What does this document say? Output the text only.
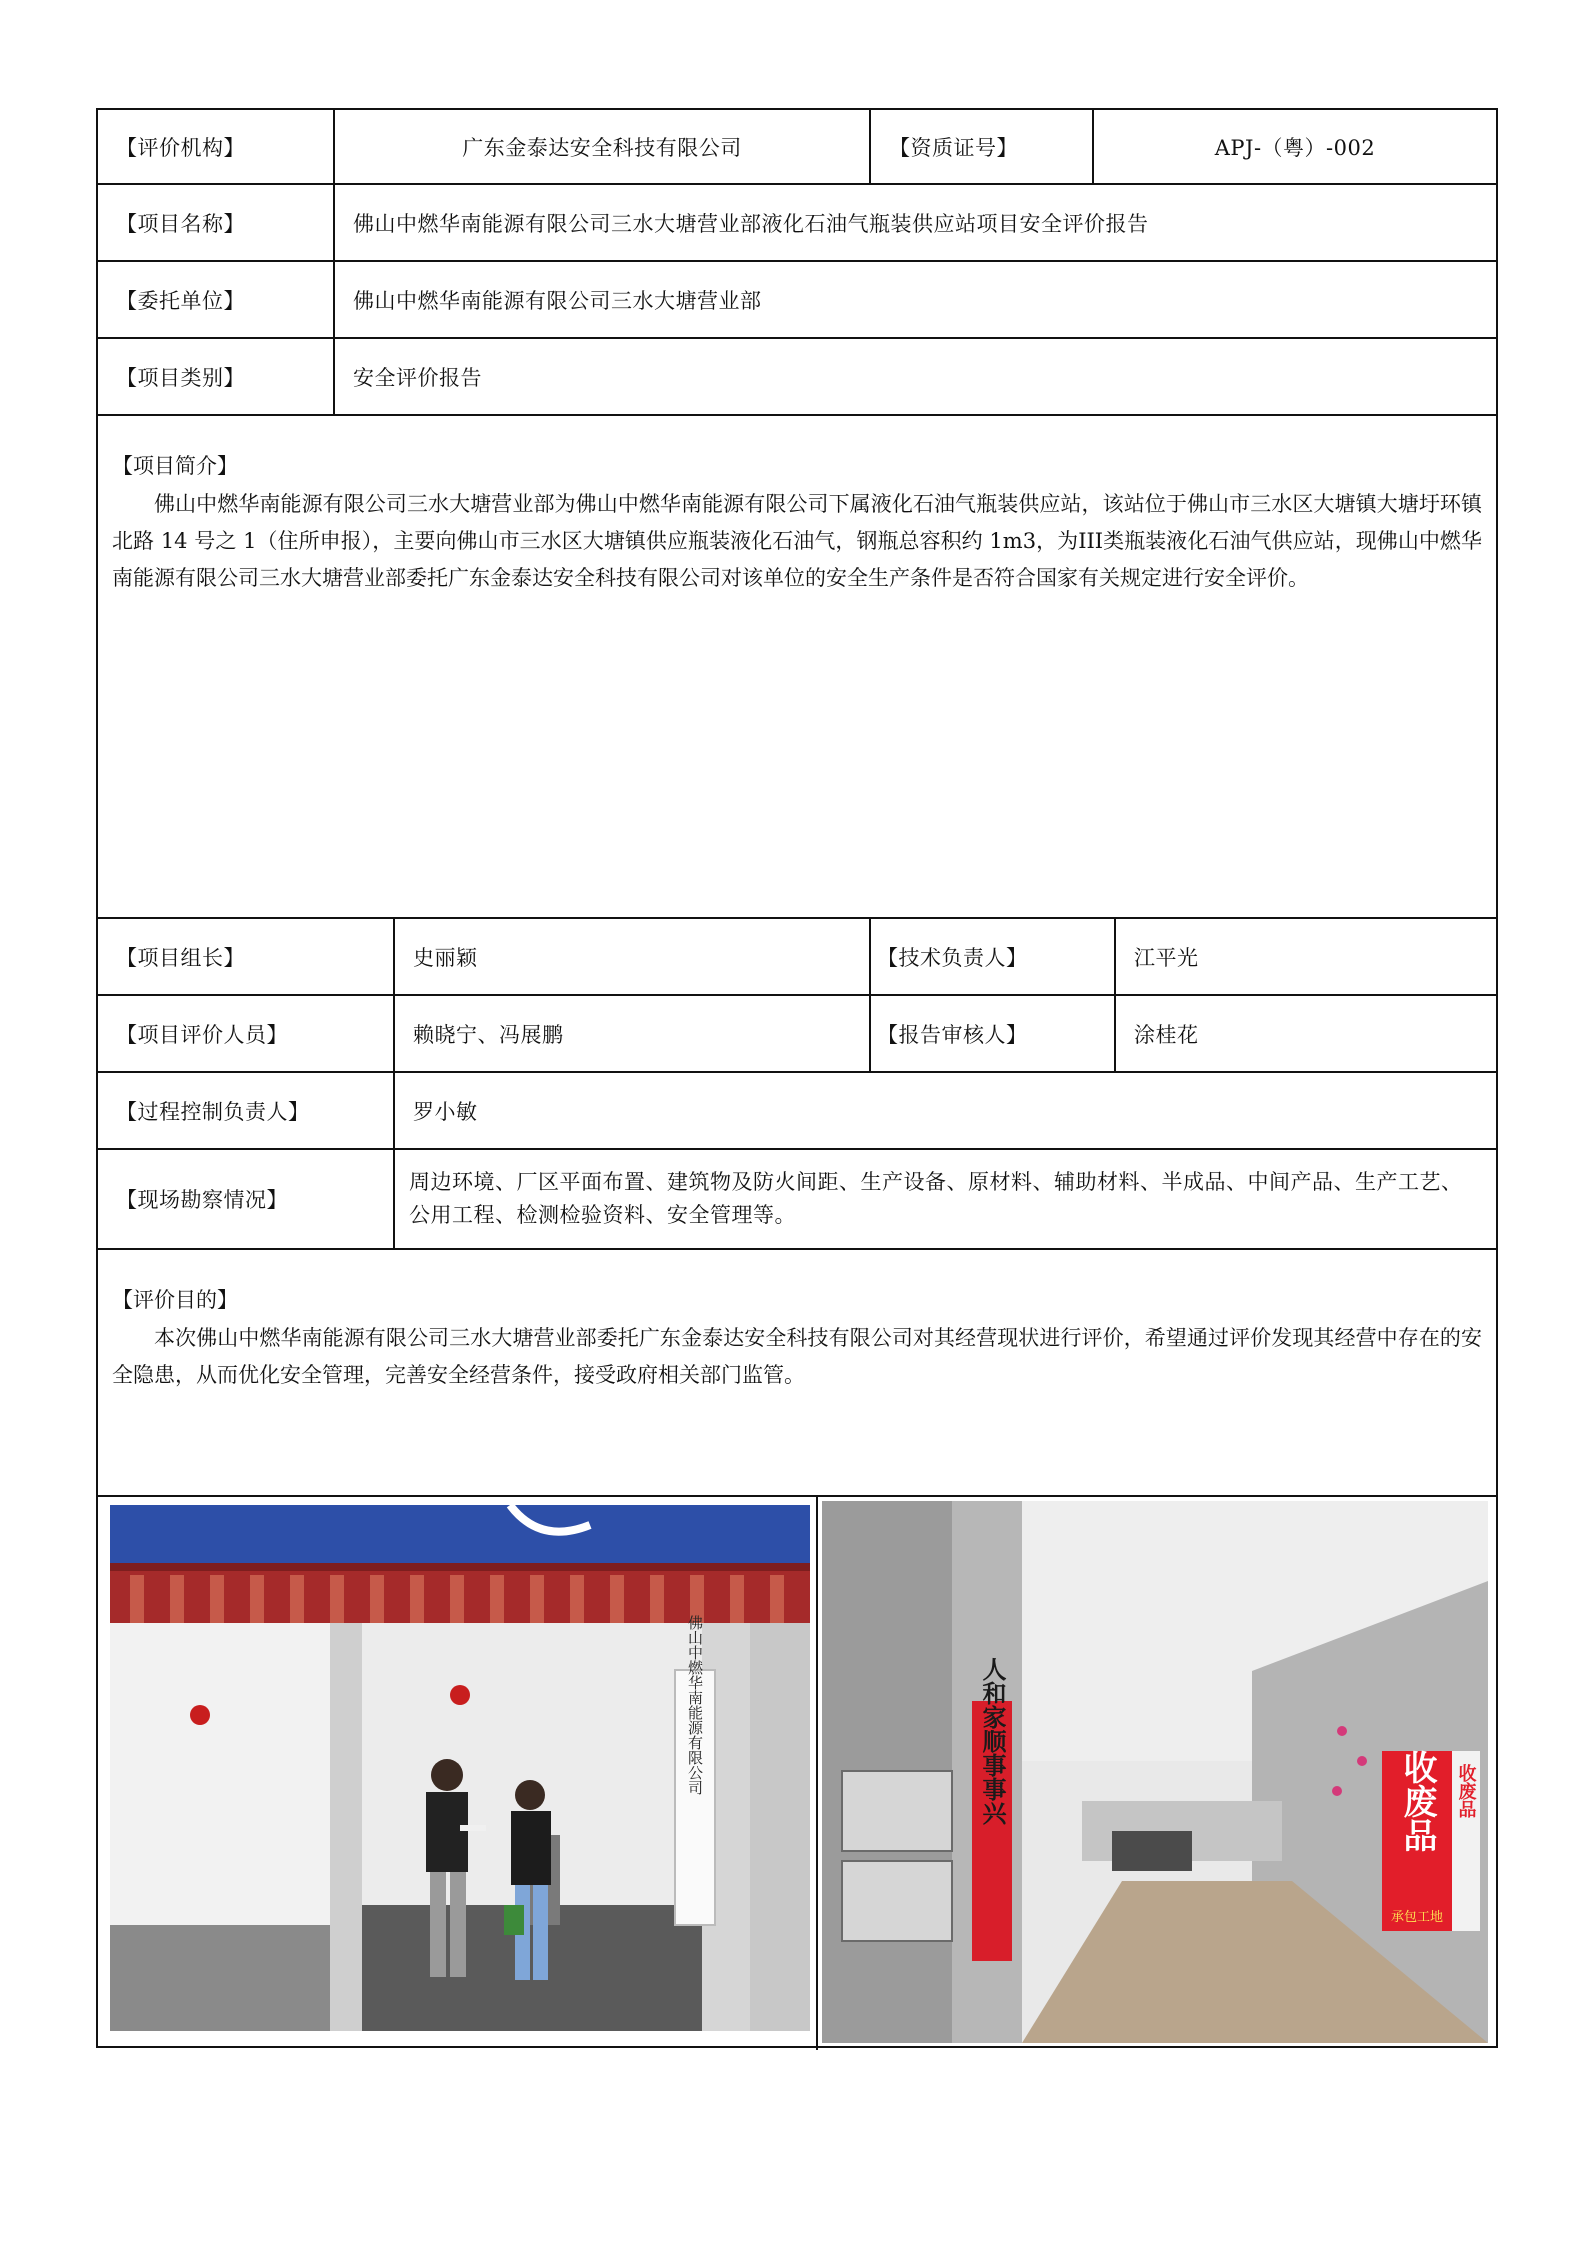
【评价机构】	广东金泰达安全科技有限公司	【资质证号】	APJ-（粤）-002
【项目名称】	佛山中燃华南能源有限公司三水大塘营业部液化石油气瓶装供应站项目安全评价报告
【委托单位】	佛山中燃华南能源有限公司三水大塘营业部
【项目类别】	安全评价报告
【项目简介】
佛山中燃华南能源有限公司三水大塘营业部为佛山中燃华南能源有限公司下属液化石油气瓶装供应站，该站位于佛山市三水区大塘镇大塘圩环镇北路 14 号之 1（住所申报），主要向佛山市三水区大塘镇供应瓶装液化石油气，钢瓶总容积约 1m3，为III类瓶装液化石油气供应站，现佛山中燃华南能源有限公司三水大塘营业部委托广东金泰达安全科技有限公司对该单位的安全生产条件是否符合国家有关规定进行安全评价。
【项目组长】	史丽颖	【技术负责人】	江平光
【项目评价人员】	赖晓宁、冯展鹏	【报告审核人】	涂桂花
【过程控制负责人】	罗小敏
【现场勘察情况】
周边环境、厂区平面布置、建筑物及防火间距、生产设备、原材料、辅助材料、半成品、中间产品、生产工艺、公用工程、检测检验资料、安全管理等。
【评价目的】
本次佛山中燃华南能源有限公司三水大塘营业部委托广东金泰达安全科技有限公司对其经营现状进行评价，希望通过评价发现其经营中存在的安全隐患，从而优化安全管理，完善安全经营条件，接受政府相关部门监管。
佛山中燃华南能源有限公司	人和家顺事事兴	收废品
承包工地
收废品
